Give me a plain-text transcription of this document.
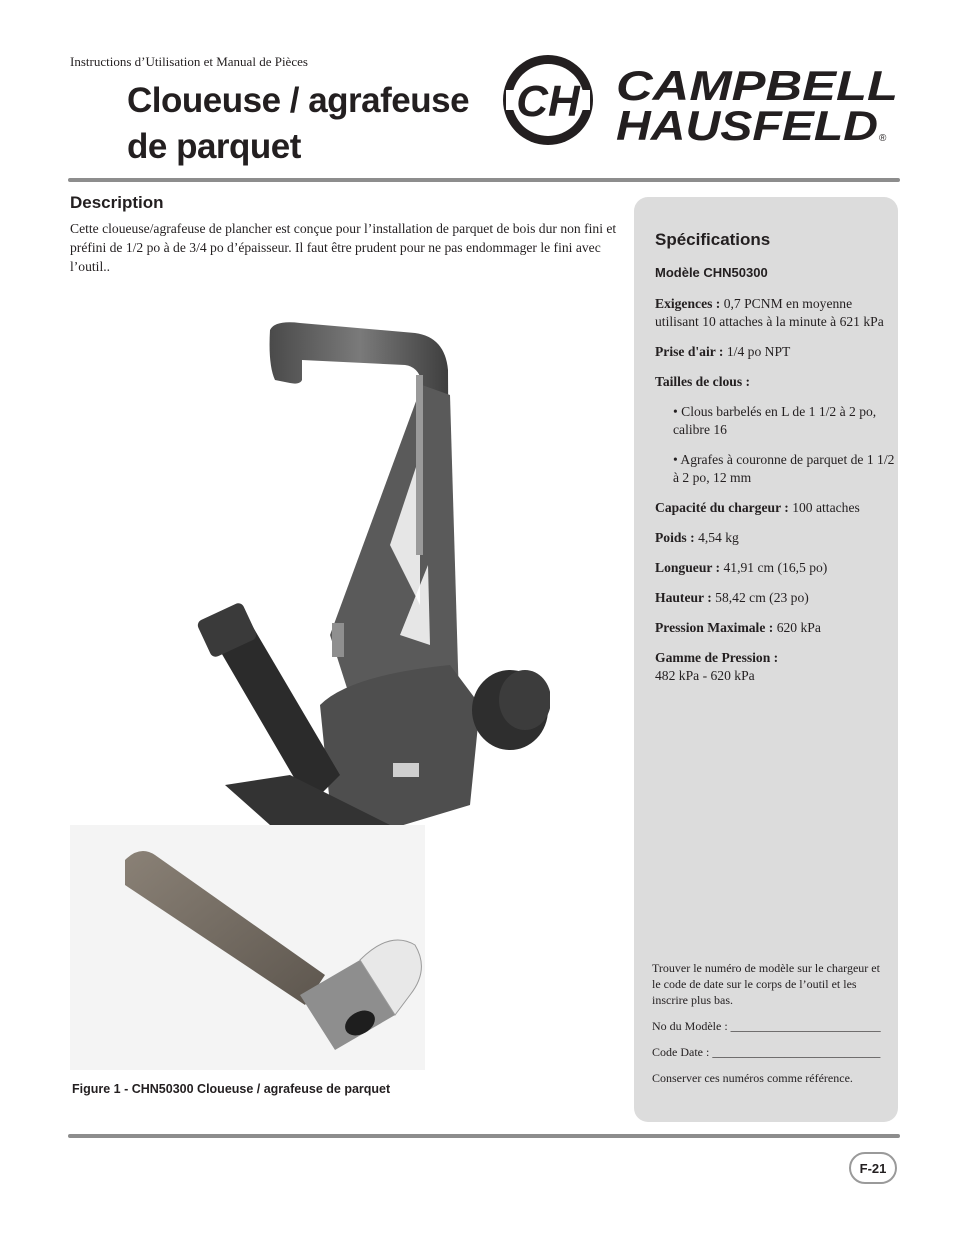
Instructions d’Utilisation et Manual de Pièces
Cloueuse / agrafeuse
de parquet
CH CAMPBELL
HAUSFELD ®
Description
Cette cloueuse/agrafeuse de plancher est conçue pour l’installation de parquet de bois dur non fini et préfini de 1/2 po à de 3/4 po d’épaisseur. Il faut être prudent pour ne pas endommager le fini avec l’outil..
Figure 1 - CHN50300 Cloueuse / agrafeuse de parquet
Spécifications
Modèle CHN50300
Exigences : 0,7 PCNM en moyenne utilisant 10 attaches à la minute à 621 kPa
Prise d'air : 1/4 po NPT
Tailles de clous :
• Clous barbelés en L de 1 1/2 à 2 po, calibre 16
• Agrafes à couronne de parquet de 1 1/2 à 2 po, 12 mm
Capacité du chargeur : 100 attaches
Poids : 4,54 kg
Longueur : 41,91 cm (16,5 po)
Hauteur : 58,42 cm (23 po)
Pression Maximale : 620 kPa
Gamme de Pression :
482 kPa - 620 kPa
Trouver le numéro de modèle sur le chargeur et le code de date sur le corps de l’outil et les inscrire plus bas.
No du Modèle : _________________________
Code Date : ____________________________
Conserver ces numéros comme référence.
F-21
